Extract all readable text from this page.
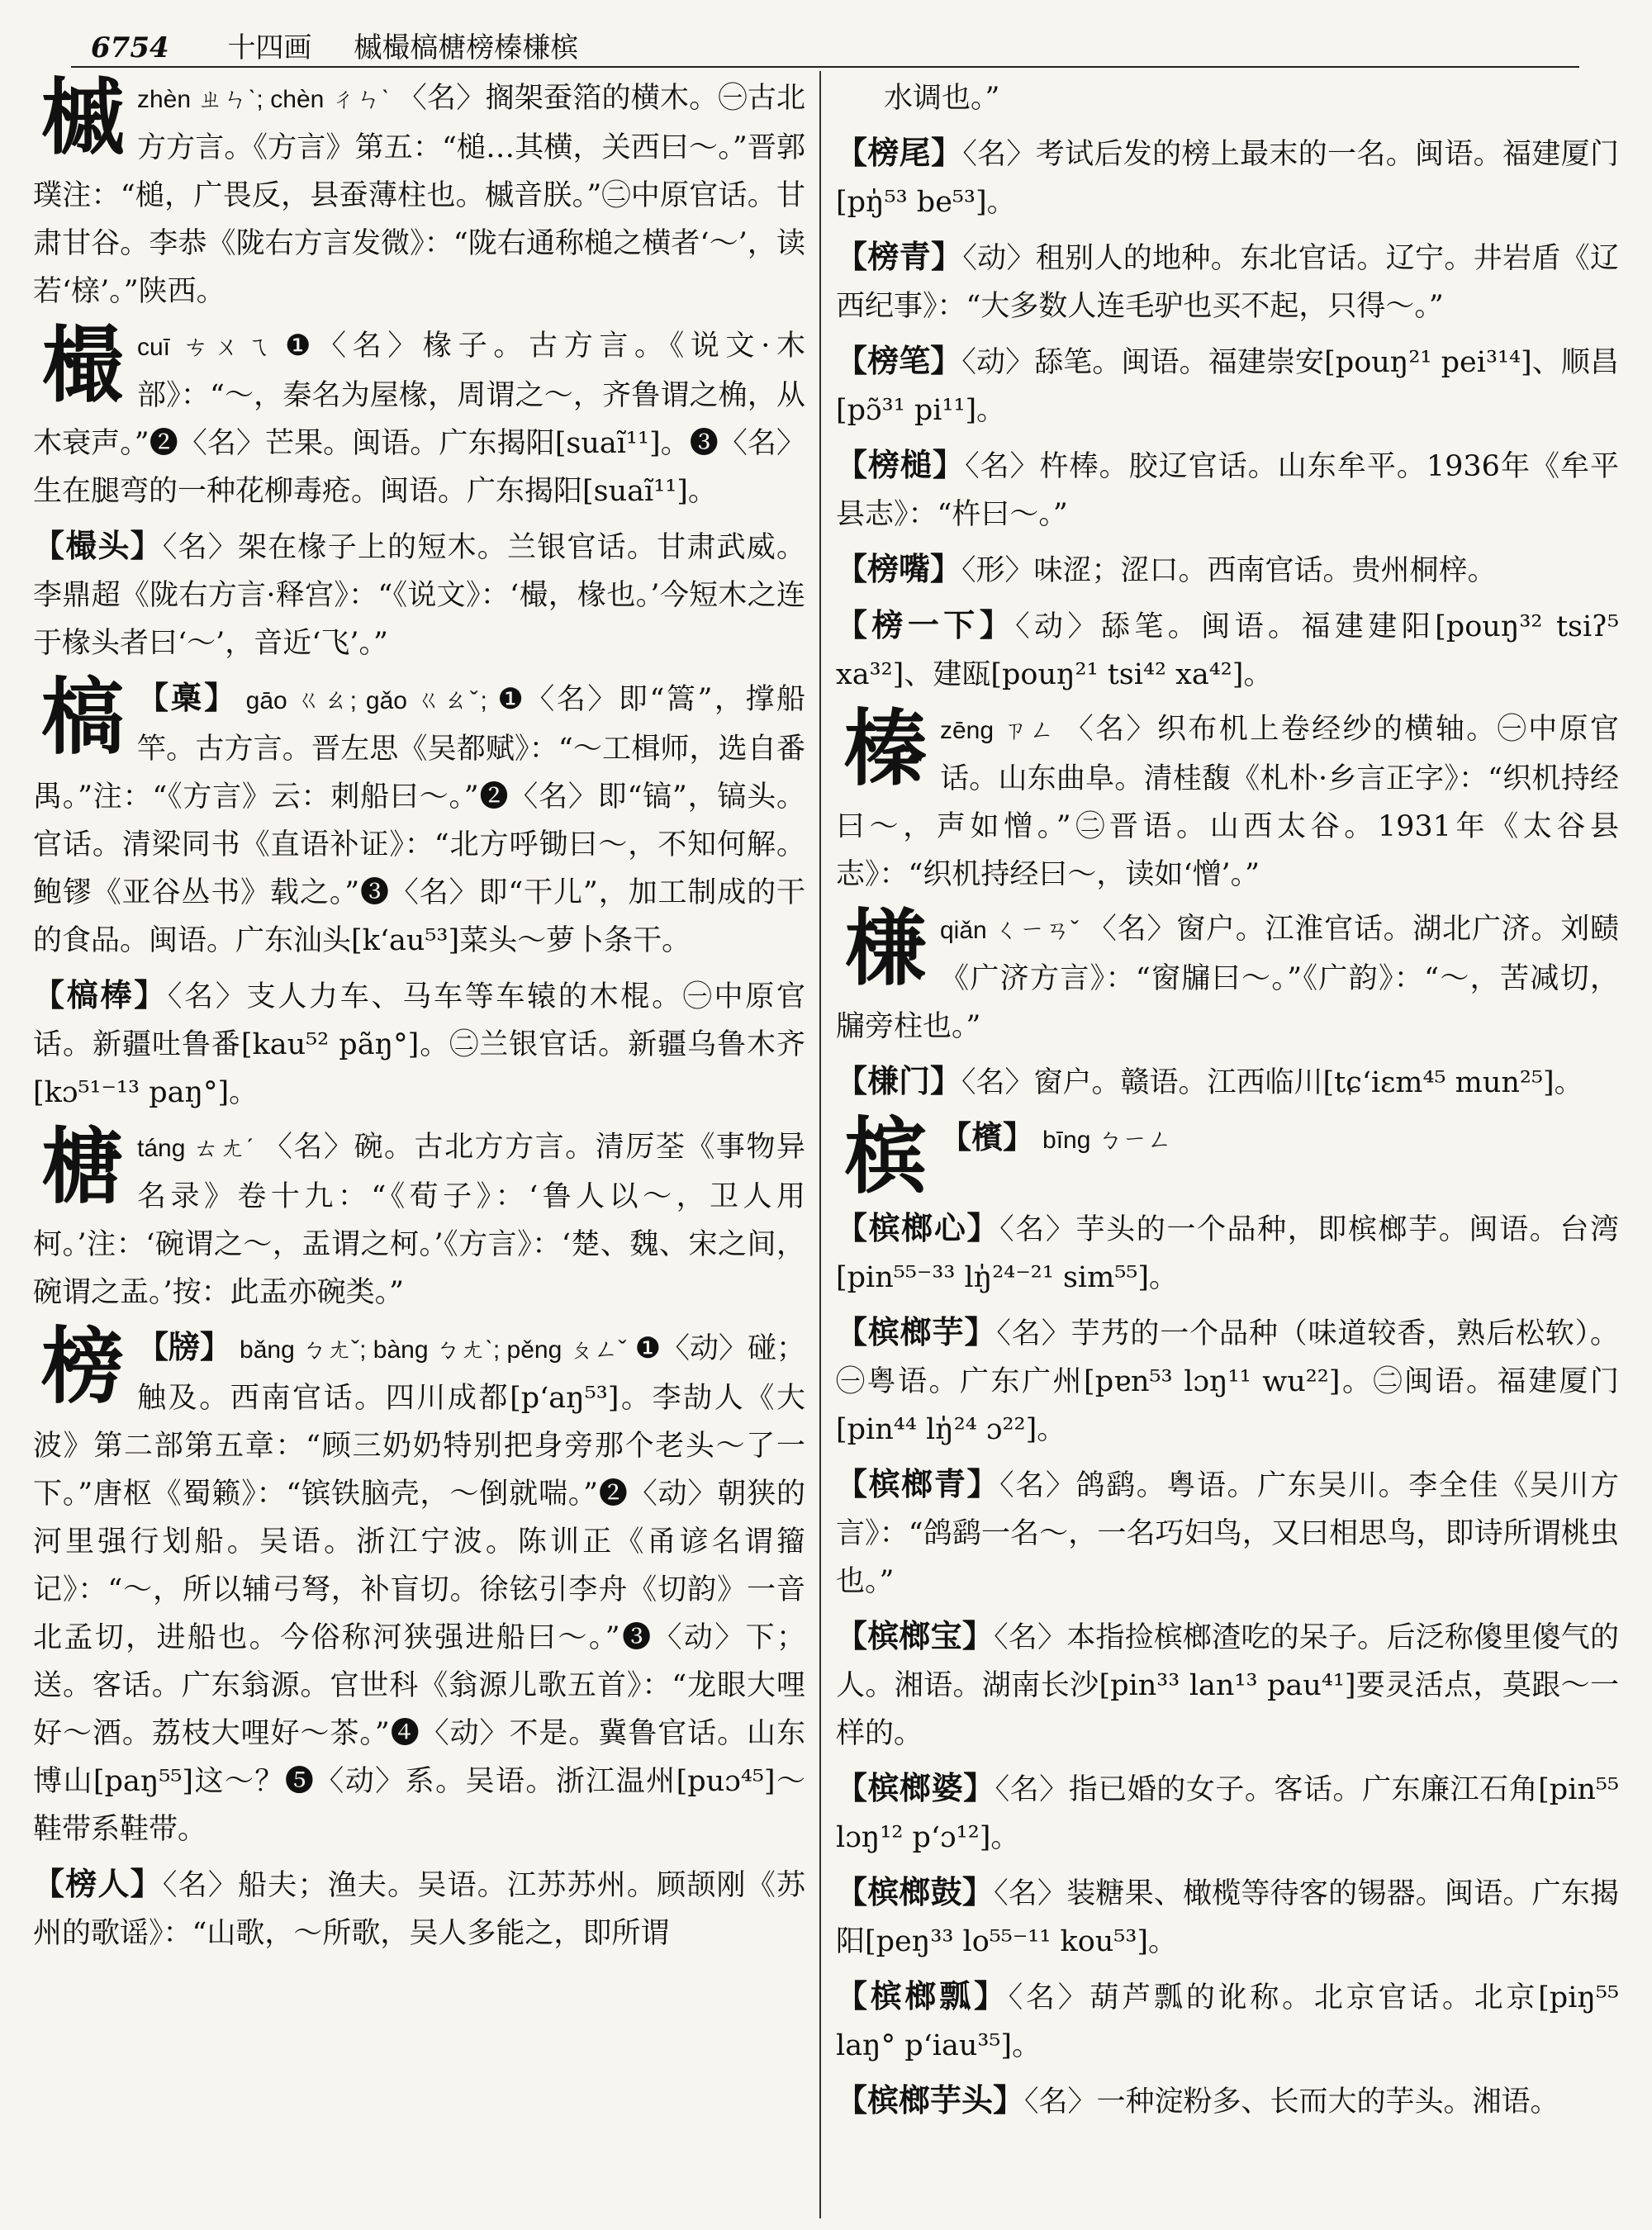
6754 十四画 槭樶槁榶榜榛槏槟
槭 zhèn ㄓㄣˋ; chèn ㄔㄣˋ 〈名〉搁架蚕箔的横木。㊀古北方方言。《方言》第五：“槌…其横，关西曰～。”晋郭璞注：“槌，广畏反，县蚕薄柱也。槭音朕。”㊁中原官话。甘肃甘谷。李恭《陇右方言发微》：“陇右通称槌之横者‘～’，读若‘榇’。”陕西。

樶 cuī ㄘㄨㄟ ❶〈名〉椽子。古方言。《说文·木部》：“～，秦名为屋椽，周谓之～，齐鲁谓之桷，从木衰声。”❷〈名〉芒果。闽语。广东揭阳[suaĩ¹¹]。❸〈名〉生在腿弯的一种花柳毒疮。闽语。广东揭阳[suaĩ¹¹]。

【樶头】〈名〉架在椽子上的短木。兰银官话。甘肃武威。李鼎超《陇右方言·释宫》：“《说文》：‘樶，椽也。’今短木之连于椽头者曰‘～’，音近‘飞’。”

槁 【槀】 gāo ㄍㄠ; gǎo ㄍㄠˇ; ❶〈名〉即“篙”，撑船竿。古方言。晋左思《吴都赋》：“～工楫师，选自番禺。”注：“《方言》云：刺船曰～。”❷〈名〉即“镐”，镐头。官话。清梁同书《直语补证》：“北方呼锄曰～，不知何解。鲍镠《亚谷丛书》载之。”❸〈名〉即“干儿”，加工制成的干的食品。闽语。广东汕头[k‘au⁵³]菜头～萝卜条干。

【槁棒】〈名〉支人力车、马车等车辕的木棍。㊀中原官话。新疆吐鲁番[kau⁵² pãŋ°]。㊁兰银官话。新疆乌鲁木齐[kɔ⁵¹⁻¹³ paŋ°]。

榶 táng ㄊㄤˊ 〈名〉碗。古北方方言。清厉荃《事物异名录》卷十九：“《荀子》：‘鲁人以～，卫人用柯。’注：‘碗谓之～，盂谓之柯。’《方言》：‘楚、魏、宋之间，碗谓之盂。’按：此盂亦碗类。”

榜 【牓】 bǎng ㄅㄤˇ; bàng ㄅㄤˋ; pěng ㄆㄥˇ ❶〈动〉碰；触及。西南官话。四川成都[p‘aŋ⁵³]。李劼人《大波》第二部第五章：“顾三奶奶特别把身旁那个老头～了一下。”唐枢《蜀籁》：“镔铁脑壳，～倒就喘。”❷〈动〉朝狭的河里强行划船。吴语。浙江宁波。陈训正《甬谚名谓籀记》：“～，所以辅弓弩，补盲切。徐铉引李舟《切韵》一音北孟切，进船也。今俗称河狭强进船曰～。”❸〈动〉下；送。客话。广东翁源。官世科《翁源儿歌五首》：“龙眼大哩好～酒。荔枝大哩好～茶。”❹〈动〉不是。冀鲁官话。山东博山[paŋ⁵⁵]这～？❺〈动〉系。吴语。浙江温州[puɔ⁴⁵]～鞋带系鞋带。

【榜人】〈名〉船夫；渔夫。吴语。江苏苏州。顾颉刚《苏州的歌谣》：“山歌，～所歌，吴人多能之，即所谓

水调也。”

【榜尾】〈名〉考试后发的榜上最末的一名。闽语。福建厦门[pŋ̍⁵³ be⁵³]。

【榜青】〈动〉租别人的地种。东北官话。辽宁。井岩盾《辽西纪事》：“大多数人连毛驴也买不起，只得～。”

【榜笔】〈动〉舔笔。闽语。福建崇安[pouŋ²¹ pei³¹⁴]、顺昌[pɔ̃³¹ pi¹¹]。

【榜槌】〈名〉杵棒。胶辽官话。山东牟平。1936年《牟平县志》：“杵曰～。”

【榜嘴】〈形〉味涩；涩口。西南官话。贵州桐梓。

【榜一下】〈动〉舔笔。闽语。福建建阳[pouŋ³² tsiʔ⁵ xa³²]、建瓯[pouŋ²¹ tsi⁴² xa⁴²]。

榛 zēng ㄗㄥ 〈名〉织布机上卷经纱的横轴。㊀中原官话。山东曲阜。清桂馥《札朴·乡言正字》：“织机持经曰～，声如憎。”㊁晋语。山西太谷。1931年《太谷县志》：“织机持经曰～，读如‘憎’。”

槏 qiǎn ㄑㄧㄢˇ 〈名〉窗户。江淮官话。湖北广济。刘赜《广济方言》：“窗牖曰～。”《广韵》：“～，苦减切，牖旁柱也。”

【槏门】〈名〉窗户。赣语。江西临川[tɕ‘iɛm⁴⁵ mun²⁵]。

槟 【檳】 bīng ㄅㄧㄥ

【槟榔心】〈名〉芋头的一个品种，即槟榔芋。闽语。台湾[pin⁵⁵⁻³³ lŋ̍²⁴⁻²¹ sim⁵⁵]。

【槟榔芋】〈名〉芋艿的一个品种（味道较香，熟后松软）。㊀粤语。广东广州[pɐn⁵³ lɔŋ¹¹ wu²²]。㊁闽语。福建厦门[pin⁴⁴ lŋ̍²⁴ ɔ²²]。

【槟榔青】〈名〉鸽鹞。粤语。广东吴川。李全佳《吴川方言》：“鸽鹞一名～，一名巧妇鸟，又曰相思鸟，即诗所谓桃虫也。”

【槟榔宝】〈名〉本指捡槟榔渣吃的呆子。后泛称傻里傻气的人。湘语。湖南长沙[pin³³ lan¹³ pau⁴¹]要灵活点，莫跟～一样的。

【槟榔婆】〈名〉指已婚的女子。客话。广东廉江石角[pin⁵⁵ lɔŋ¹² p‘ɔ¹²]。

【槟榔鼓】〈名〉装糖果、橄榄等待客的锡器。闽语。广东揭阳[peŋ³³ lo⁵⁵⁻¹¹ kou⁵³]。

【槟榔瓢】〈名〉葫芦瓢的讹称。北京官话。北京[piŋ⁵⁵ laŋ° p‘iau³⁵]。

【槟榔芋头】〈名〉一种淀粉多、长而大的芋头。湘语。
